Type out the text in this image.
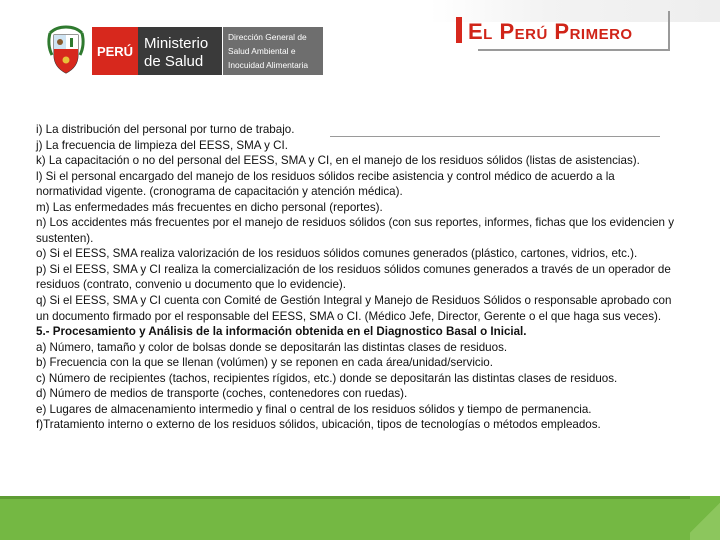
PERÚ Ministerio
de Salud
Dirección General de
Salud Ambiental e
Inocuidad Alimentaria
El Perú Primero

i) La distribución del personal por turno de trabajo.

j) La frecuencia de limpieza del EESS, SMA y CI.

k) La capacitación o no del personal del EESS, SMA y CI, en el manejo de los residuos sólidos (listas de asistencias).

l) Si el personal encargado del manejo de los residuos sólidos recibe asistencia y control médico de acuerdo a la normatividad vigente. (cronograma de capacitación y atención médica).

m) Las enfermedades más frecuentes en dicho personal (reportes).

n) Los accidentes más frecuentes por el manejo de residuos sólidos (con sus reportes, informes, fichas que los evidencien y sustenten).

o) Si el EESS, SMA realiza valorización de los residuos sólidos comunes generados (plástico, cartones, vidrios, etc.).

p) Si el EESS, SMA y CI realiza la comercialización de los residuos sólidos comunes generados a través de un operador de residuos (contrato, convenio u documento que lo evidencie).

q) Si el EESS, SMA y CI cuenta con Comité de Gestión Integral y Manejo de Residuos Sólidos o responsable aprobado con un documento firmado por el responsable del EESS, SMA o CI. (Médico Jefe, Director, Gerente o el que haga sus veces).

5.- Procesamiento y Análisis de la información obtenida en el Diagnostico Basal o Inicial.

a) Número, tamaño y color de bolsas donde se depositarán las distintas clases de residuos.

b) Frecuencia con la que se llenan (volúmen) y se reponen en cada área/unidad/servicio.

c) Número de recipientes (tachos, recipientes rígidos, etc.) donde se depositarán las distintas clases de residuos.

d) Número de medios de transporte (coches, contenedores con ruedas).

e) Lugares de almacenamiento intermedio y final o central de los residuos sólidos y tiempo de permanencia.

f)Tratamiento interno o externo de los residuos sólidos, ubicación, tipos de tecnologías o métodos empleados.
